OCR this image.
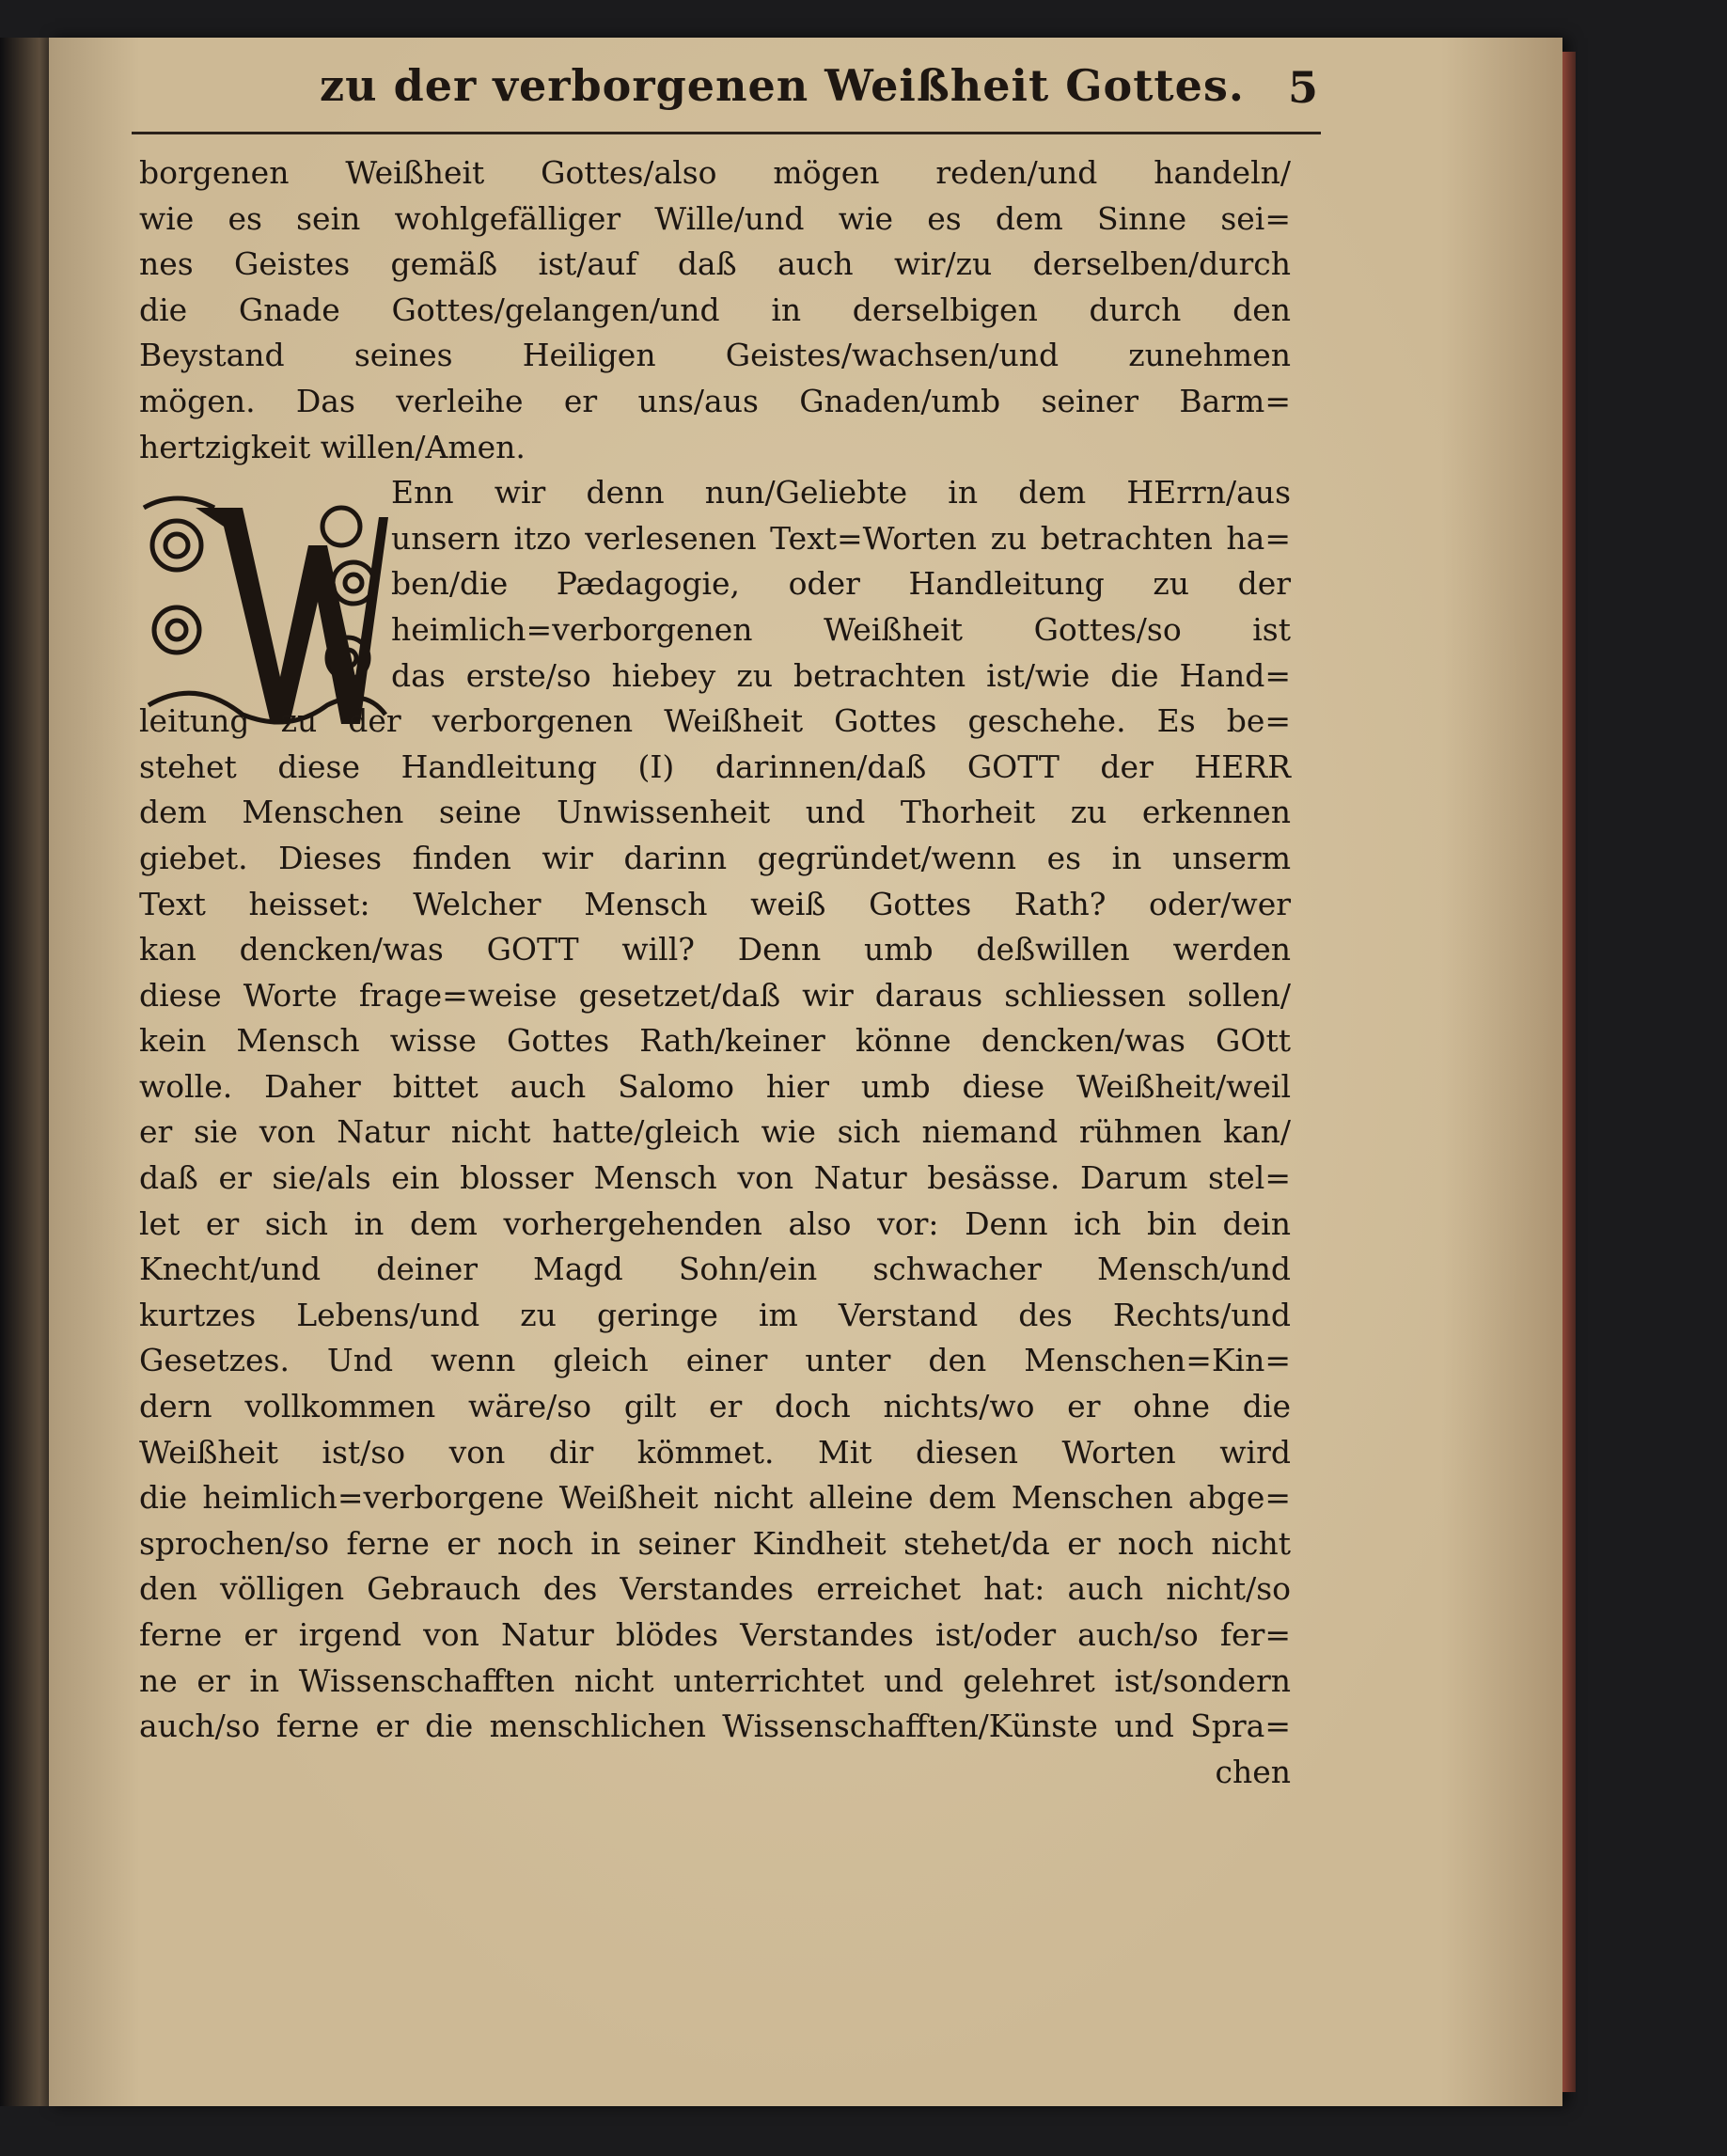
zu der verborgenen Weißheit Gottes. 5
borgenen Weißheit Gottes/also mögen reden/und handeln/
wie es sein wohlgefälliger Wille/und wie es dem Sinne sei=
nes Geistes gemäß ist/auf daß auch wir/zu derselben/durch
die Gnade Gottes/gelangen/und in derselbigen durch den
Beystand seines Heiligen Geistes/wachsen/und zunehmen
mögen. Das verleihe er uns/aus Gnaden/umb seiner Barm=
hertzigkeit willen/Amen.
Enn wir denn nun/Geliebte in dem HErrn/aus
unsern itzo verlesenen Text=Worten zu betrachten ha=
ben/die Pædagogie, oder Handleitung zu der
heimlich=verborgenen Weißheit Gottes/so ist
das erste/so hiebey zu betrachten ist/wie die Hand=
leitung zu der verborgenen Weißheit Gottes geschehe. Es be=
stehet diese Handleitung (I) darinnen/daß GOTT der HERR
dem Menschen seine Unwissenheit und Thorheit zu erkennen
giebet. Dieses finden wir darinn gegründet/wenn es in unserm
Text heisset: Welcher Mensch weiß Gottes Rath? oder/wer
kan dencken/was GOTT will? Denn umb deßwillen werden
diese Worte frage=weise gesetzet/daß wir daraus schliessen sollen/
kein Mensch wisse Gottes Rath/keiner könne dencken/was GOtt
wolle. Daher bittet auch Salomo hier umb diese Weißheit/weil
er sie von Natur nicht hatte/gleich wie sich niemand rühmen kan/
daß er sie/als ein blosser Mensch von Natur besässe. Darum stel=
let er sich in dem vorhergehenden also vor: Denn ich bin dein
Knecht/und deiner Magd Sohn/ein schwacher Mensch/und
kurtzes Lebens/und zu geringe im Verstand des Rechts/und
Gesetzes. Und wenn gleich einer unter den Menschen=Kin=
dern vollkommen wäre/so gilt er doch nichts/wo er ohne die
Weißheit ist/so von dir kömmet. Mit diesen Worten wird
die heimlich=verborgene Weißheit nicht alleine dem Menschen abge=
sprochen/so ferne er noch in seiner Kindheit stehet/da er noch nicht
den völligen Gebrauch des Verstandes erreichet hat: auch nicht/so
ferne er irgend von Natur blödes Verstandes ist/oder auch/so fer=
ne er in Wissenschafften nicht unterrichtet und gelehret ist/sondern
auch/so ferne er die menschlichen Wissenschafften/Künste und Spra=
chen
